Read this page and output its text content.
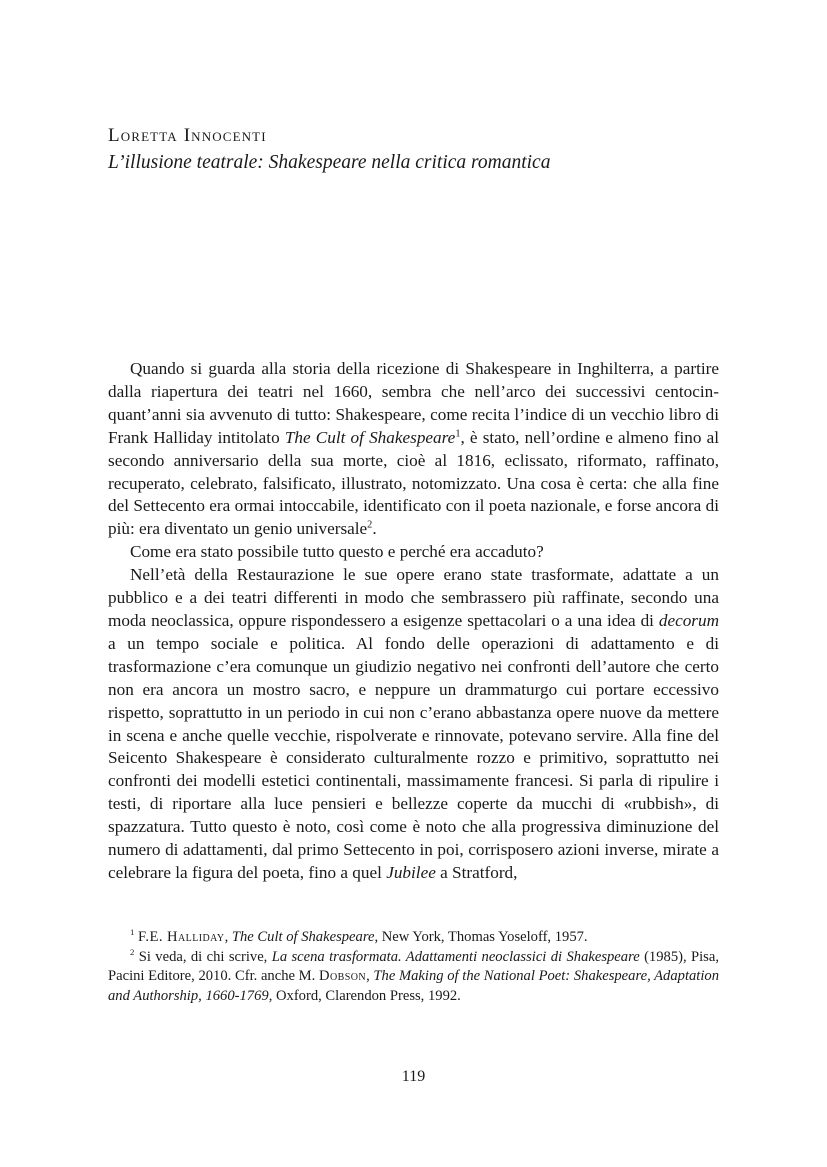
Loretta Innocenti
L’illusione teatrale: Shakespeare nella critica romantica

Quando si guarda alla storia della ricezione di Shakespeare in Inghilterra, a partire dalla riapertura dei teatri nel 1660, sembra che nell’arco dei successivi centocinquant’anni sia avvenuto di tutto: Shakespeare, come recita l’indice di un vecchio libro di Frank Halliday intitolato The Cult of Shakespeare$^1$, è stato, nell’ordine e almeno fino al secondo anniversario della sua morte, cioè al 1816, eclissato, riformato, raffinato, recuperato, celebrato, falsificato, illustrato, notomizzato. Una cosa è certa: che alla fine del Settecento era ormai intoccabile, identificato con il poeta nazionale, e forse ancora di più: era diventato un genio universale$^2$.

Come era stato possibile tutto questo e perché era accaduto?

Nell’età della Restaurazione le sue opere erano state trasformate, adattate a un pubblico e a dei teatri differenti in modo che sembrassero più raffinate, secondo una moda neoclassica, oppure rispondessero a esigenze spettacolari o a una idea di decorum a un tempo sociale e politica. Al fondo delle operazioni di adattamento e di trasformazione c’era comunque un giudizio negativo nei confronti dell’autore che certo non era ancora un mostro sacro, e neppure un drammaturgo cui portare eccessivo rispetto, soprattutto in un periodo in cui non c’erano abbastanza opere nuove da mettere in scena e anche quelle vecchie, rispolverate e rinnovate, potevano servire. Alla fine del Seicento Shakespeare è considerato culturalmente rozzo e primitivo, soprattutto nei confronti dei modelli estetici continentali, massimamente francesi. Si parla di ripulire i testi, di riportare alla luce pensieri e bellezze coperte da mucchi di «rubbish», di spazzatura. Tutto questo è noto, così come è noto che alla progressiva diminuzione del numero di adattamenti, dal primo Settecento in poi, corrisposero azioni inverse, mirate a celebrare la figura del poeta, fino a quel Jubilee a Stratford,

$^1$ F.E. Halliday, The Cult of Shakespeare, New York, Thomas Yoseloff, 1957.

$^2$ Si veda, di chi scrive, La scena trasformata. Adattamenti neoclassici di Shakespeare (1985), Pisa, Pacini Editore, 2010. Cfr. anche M. Dobson, The Making of the National Poet: Shakespeare, Adaptation and Authorship, 1660-1769, Oxford, Clarendon Press, 1992.

119
